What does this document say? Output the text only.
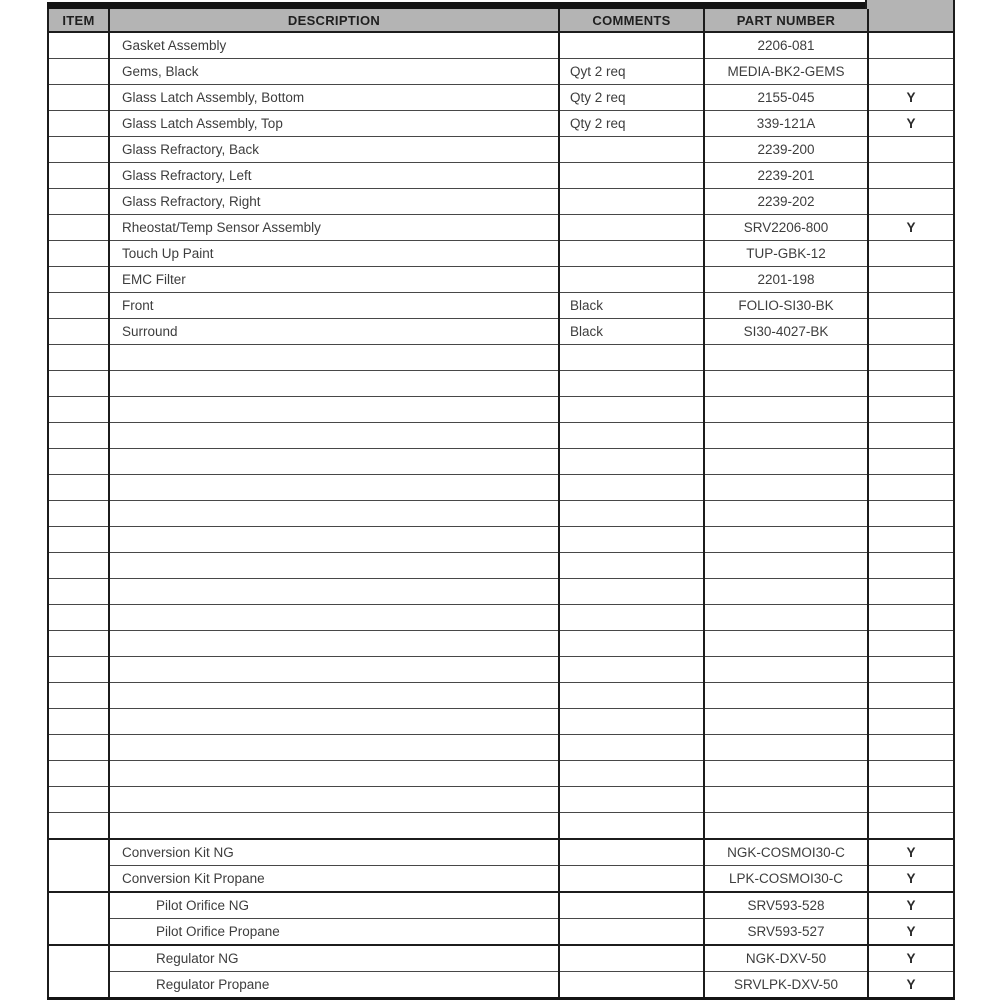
ITEM	DESCRIPTION	COMMENTS	PART NUMBER	
	Gasket Assembly		2206-081	
	Gems, Black	Qyt 2 req	MEDIA-BK2-GEMS	
	Glass Latch Assembly, Bottom	Qty 2 req	2155-045	Y
	Glass Latch Assembly, Top	Qty 2 req	339-121A	Y
	Glass Refractory, Back		2239-200	
	Glass Refractory, Left		2239-201	
	Glass Refractory, Right		2239-202	
	Rheostat/Temp Sensor Assembly		SRV2206-800	Y
	Touch Up Paint		TUP-GBK-12	
	EMC Filter		2201-198	
	Front	Black	FOLIO-SI30-BK	
	Surround	Black	SI30-4027-BK	

	Conversion Kit NG		NGK-COSMOI30-C	Y
	Conversion Kit Propane		LPK-COSMOI30-C	Y
	Pilot Orifice NG		SRV593-528	Y
	Pilot Orifice Propane		SRV593-527	Y
	Regulator NG		NGK-DXV-50	Y
	Regulator Propane		SRVLPK-DXV-50	Y
